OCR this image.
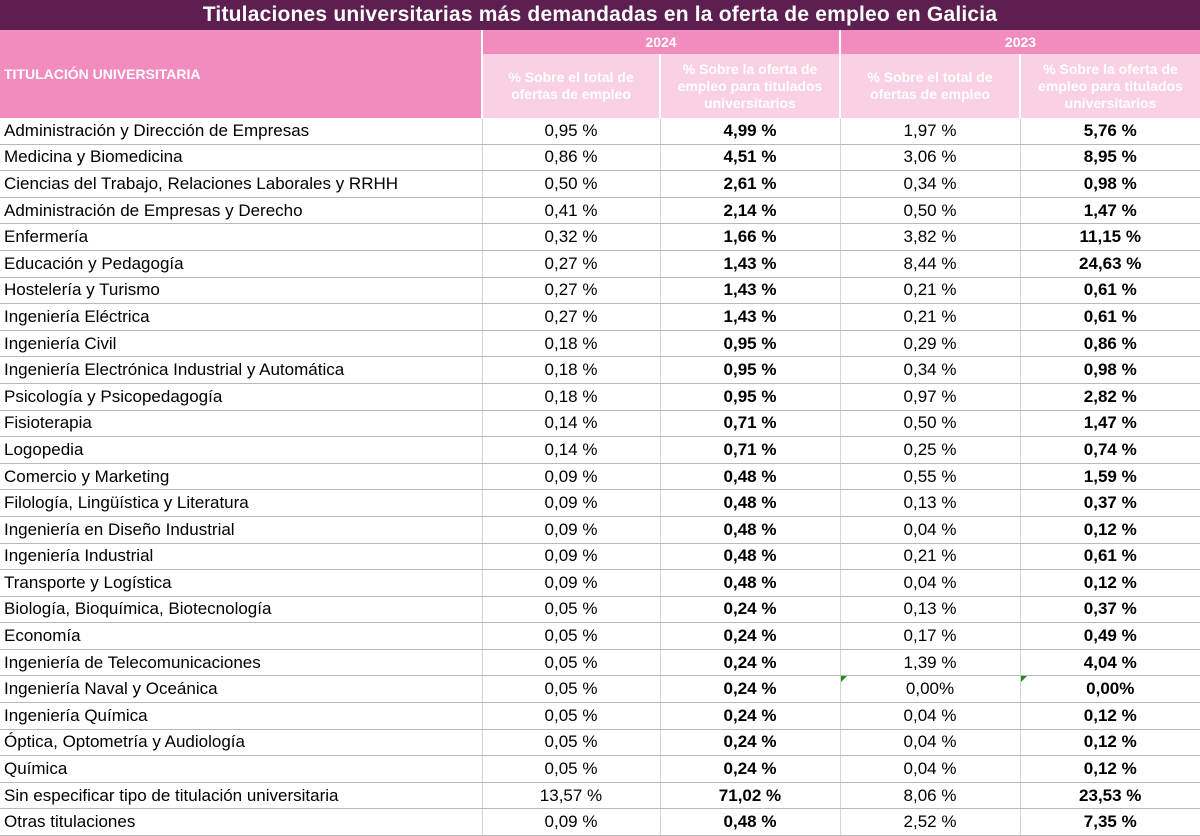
Titulaciones universitarias más demandadas en la oferta de empleo en Galicia
TITULACIÓN UNIVERSITARIA	2024		2023	
	% Sobre el total de ofertas de empleo	% Sobre la oferta de empleo para titulados universitarios	% Sobre el total de ofertas de empleo	% Sobre la oferta de empleo para titulados universitarios
Administración y Dirección de Empresas	0,95 %	4,99 %	1,97 %	5,76 %
Medicina y Biomedicina	0,86 %	4,51 %	3,06 %	8,95 %
Ciencias del Trabajo, Relaciones Laborales y RRHH	0,50 %	2,61 %	0,34 %	0,98 %
Administración de Empresas y Derecho	0,41 %	2,14 %	0,50 %	1,47 %
Enfermería	0,32 %	1,66 %	3,82 %	11,15 %
Educación y Pedagogía	0,27 %	1,43 %	8,44 %	24,63 %
Hostelería y Turismo	0,27 %	1,43 %	0,21 %	0,61 %
Ingeniería Eléctrica	0,27 %	1,43 %	0,21 %	0,61 %
Ingeniería Civil	0,18 %	0,95 %	0,29 %	0,86 %
Ingeniería Electrónica Industrial y Automática	0,18 %	0,95 %	0,34 %	0,98 %
Psicología y Psicopedagogía	0,18 %	0,95 %	0,97 %	2,82 %
Fisioterapia	0,14 %	0,71 %	0,50 %	1,47 %
Logopedia	0,14 %	0,71 %	0,25 %	0,74 %
Comercio y Marketing	0,09 %	0,48 %	0,55 %	1,59 %
Filología, Lingüística y Literatura	0,09 %	0,48 %	0,13 %	0,37 %
Ingeniería en Diseño Industrial	0,09 %	0,48 %	0,04 %	0,12 %
Ingeniería Industrial	0,09 %	0,48 %	0,21 %	0,61 %
Transporte y Logística	0,09 %	0,48 %	0,04 %	0,12 %
Biología, Bioquímica, Biotecnología	0,05 %	0,24 %	0,13 %	0,37 %
Economía	0,05 %	0,24 %	0,17 %	0,49 %
Ingeniería de Telecomunicaciones	0,05 %	0,24 %	1,39 %	4,04 %
Ingeniería Naval y Oceánica	0,05 %	0,24 %	0,00%	0,00%

Ingeniería Química	0,05 %	0,24 %	0,04 %	0,12 %
Óptica, Optometría y Audiología	0,05 %	0,24 %	0,04 %	0,12 %
Química	0,05 %	0,24 %	0,04 %	0,12 %
Sin especificar tipo de titulación universitaria	13,57 %	71,02 %	8,06 %	23,53 %
Otras titulaciones	0,09 %	0,48 %	2,52 %	7,35 %
